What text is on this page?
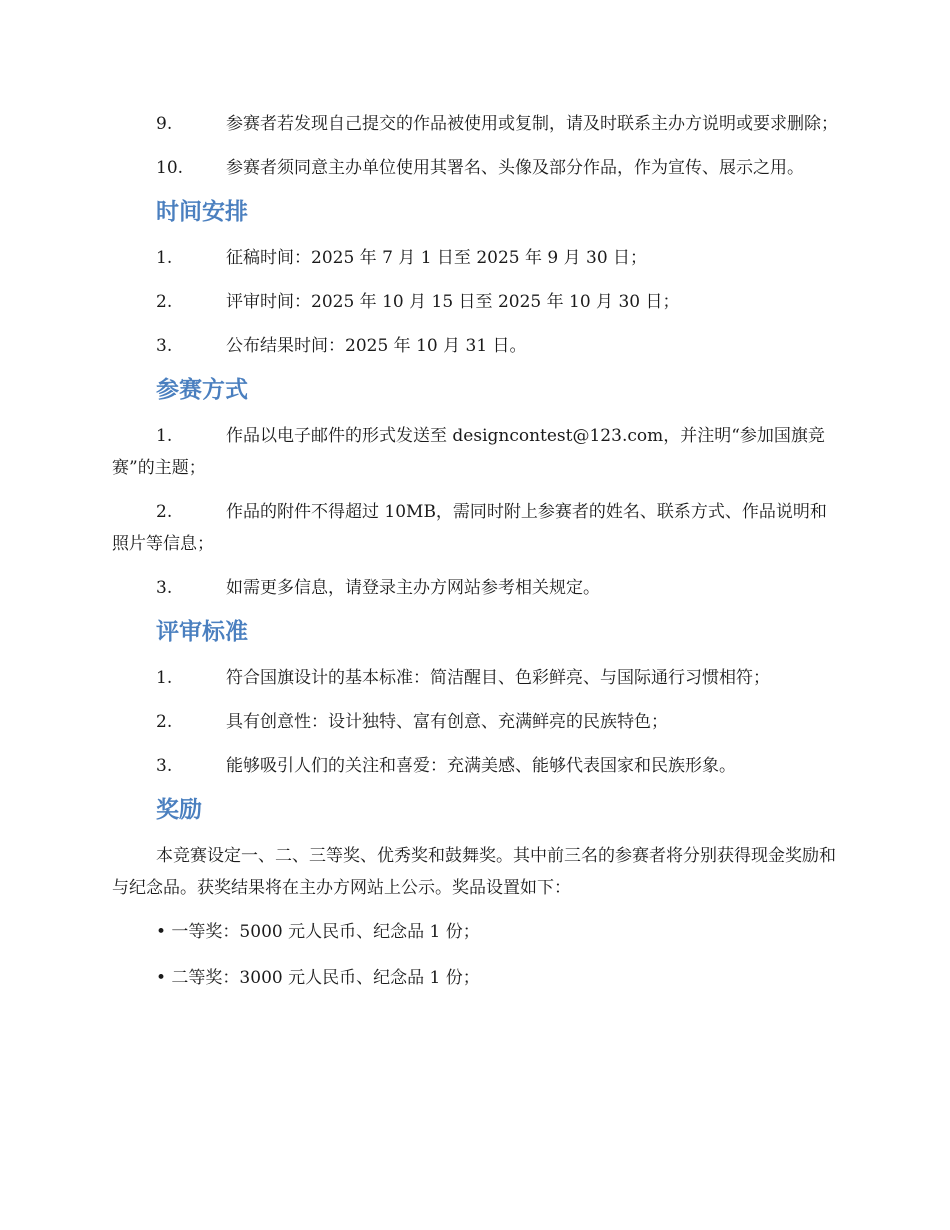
9.	参赛者若发现自己提交的作品被使用或复制，请及时联系主办方说明或要求删除；
10.	参赛者须同意主办单位使用其署名、头像及部分作品，作为宣传、展示之用。
时间安排
1.	征稿时间：2025 年 7 月 1 日至 2025 年 9 月 30 日；
2.	评审时间：2025 年 10 月 15 日至 2025 年 10 月 30 日；
3.	公布结果时间：2025 年 10 月 31 日。
参赛方式
1.	作品以电子邮件的形式发送至 designcontest@123.com，并注明“参加国旗竞赛”的主题；
2.	作品的附件不得超过 10MB，需同时附上参赛者的姓名、联系方式、作品说明和照片等信息；
3.	如需更多信息，请登录主办方网站参考相关规定。
评审标准
1.	符合国旗设计的基本标准：简洁醒目、色彩鲜亮、与国际通行习惯相符；
2.	具有创意性：设计独特、富有创意、充满鲜亮的民族特色；
3.	能够吸引人们的关注和喜爱：充满美感、能够代表国家和民族形象。
奖励
本竞赛设定一、二、三等奖、优秀奖和鼓舞奖。其中前三名的参赛者将分别获得现金奖励和与纪念品。获奖结果将在主办方网站上公示。奖品设置如下：
• 一等奖：5000 元人民币、纪念品 1 份；
• 二等奖：3000 元人民币、纪念品 1 份；
